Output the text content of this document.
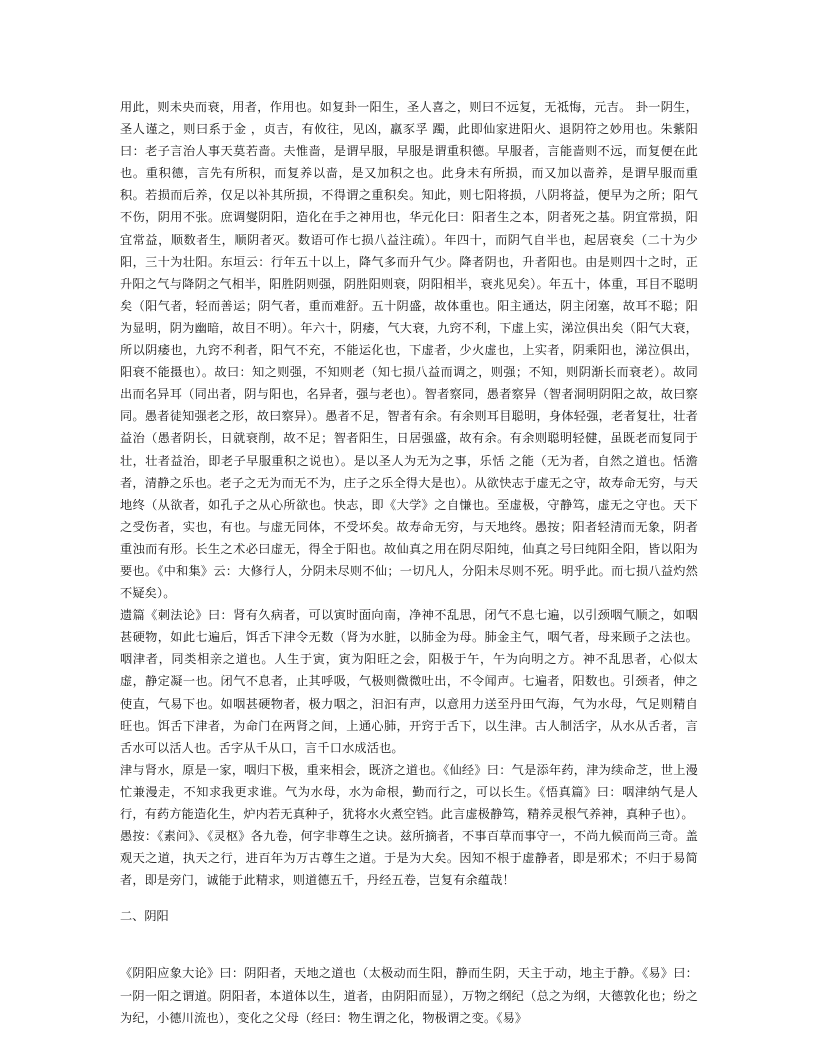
用此，则未央而衰，用者，作用也。如复卦一阳生，圣人喜之，则曰不远复，无祗悔，元吉。 卦一阴生，圣人谨之，则曰系于金 ，贞吉，有攸往，见凶，羸豕孚 躅，此即仙家进阳火、退阴符之妙用也。朱紫阳曰：老子言治人事天莫若啬。夫惟啬，是谓早服，早服是谓重积德。早服者，言能啬则不远，而复便在此也。重积德，言先有所积，而复养以啬，是又加积之也。此身未有所损，而又加以啬养，是谓早服而重积。若损而后养，仅足以补其所损，不得谓之重积矣。知此，则七阳将损，八阴将益，便早为之所；阳气不伤，阴用不张。庶调燮阴阳，造化在手之神用也，华元化曰：阳者生之本，阴者死之基。阴宜常损，阳宜常益，顺数者生，顺阴者灭。数语可作七损八益注疏）。年四十，而阴气自半也，起居衰矣（二十为少阳，三十为壮阳。东垣云：行年五十以上，降气多而升气少。降者阴也，升者阳也。由是则四十之时，正升阳之气与降阴之气相半，阳胜阴则强，阴胜阳则衰，阴阳相半，衰兆见矣）。年五十，体重，耳目不聪明矣（阳气者，轻而善运；阴气者，重而难舒。五十阴盛，故体重也。阳主通达，阴主闭塞，故耳不聪；阳为显明，阴为幽暗，故目不明）。年六十，阴痿，气大衰，九窍不利，下虚上实，涕泣俱出矣（阳气大衰，所以阴痿也，九窍不利者，阳气不充，不能运化也，下虚者，少火虚也，上实者，阴乘阳也，涕泣俱出，阳衰不能摄也）。故曰：知之则强，不知则老（知七损八益而调之，则强；不知，则阴渐长而衰老）。故同出而名异耳（同出者，阴与阳也，名异者，强与老也）。智者察同，愚者察异（智者洞明阴阳之故，故曰察同。愚者徒知强老之形，故曰察异）。愚者不足，智者有余。有余则耳目聪明，身体轻强，老者复壮，壮者益治（愚者阴长，日就衰削，故不足；智者阳生，日居强盛，故有余。有余则聪明轻健，虽既老而复同于壮，壮者益治，即老子早服重积之说也）。是以圣人为无为之事，乐恬 之能（无为者，自然之道也。恬澹者，清静之乐也。老子之无为而无不为，庄子之乐全得大是也）。从欲快志于虚无之守，故寿命无穷，与天地终（从欲者，如孔子之从心所欲也。快志，即《大学》之自慊也。至虚极，守静笃，虚无之守也。天下之受伤者，实也，有也。与虚无同体，不受坏矣。故寿命无穷，与天地终。愚按；阳者轻清而无象，阴者重浊而有形。长生之术必曰虚无，得全于阳也。故仙真之用在阴尽阳纯，仙真之号曰纯阳全阳，皆以阳为要也。《中和集》云：大修行人，分阴未尽则不仙；一切凡人，分阳未尽则不死。明乎此。而七损八益灼然不疑矣）。

遗篇《刺法论》曰：肾有久病者，可以寅时面向南，净神不乱思，闭气不息七遍，以引颈咽气顺之，如咽甚硬物，如此七遍后，饵舌下津令无数（肾为水脏，以肺金为母。肺金主气，咽气者，母来顾子之法也。咽津者，同类相亲之道也。人生于寅，寅为阳旺之会，阳极于午，午为向明之方。神不乱思者，心似太虚，静定凝一也。闭气不息者，止其呼吸，气极则微微吐出，不令闻声。七遍者，阳数也。引颈者，伸之使直，气易下也。如咽甚硬物者，极力咽之，汩汩有声，以意用力送至丹田气海，气为水母，气足则精自旺也。饵舌下津者，为命门在两肾之间，上通心肺，开窍于舌下，以生津。古人制活字，从水从舌者，言舌水可以活人也。舌字从千从口，言千口水成活也。

津与肾水，原是一家，咽归下极，重来相会，既济之道也。《仙经》曰：气是添年药，津为续命芝，世上漫忙兼漫走，不知求我更求谁。气为水母，水为命根，勤而行之，可以长生。《悟真篇》曰：咽津纳气是人行，有药方能造化生，炉内若无真种子，犹将水火煮空铛。此言虚极静笃，精养灵根气养神，真种子也）。

愚按：《素问》、《灵枢》各九卷，何字非尊生之诀。兹所摘者，不事百草而事守一，不尚九候而尚三奇。盖观天之道，执天之行，进百年为万古尊生之道。于是为大矣。因知不根于虚静者，即是邪术；不归于易简者，即是旁门，诚能于此精求，则道德五千，丹经五卷，岂复有余蕴哉！

二、阴阳

《阴阳应象大论》曰：阴阳者，天地之道也（太极动而生阳，静而生阴，天主于动，地主于静。《易》曰：一阴一阳之谓道。阴阳者，本道体以生，道者，由阴阳而显），万物之纲纪（总之为纲，大德敦化也；纷之为纪，小德川流也），变化之父母（经曰：物生谓之化，物极谓之变。《易》
